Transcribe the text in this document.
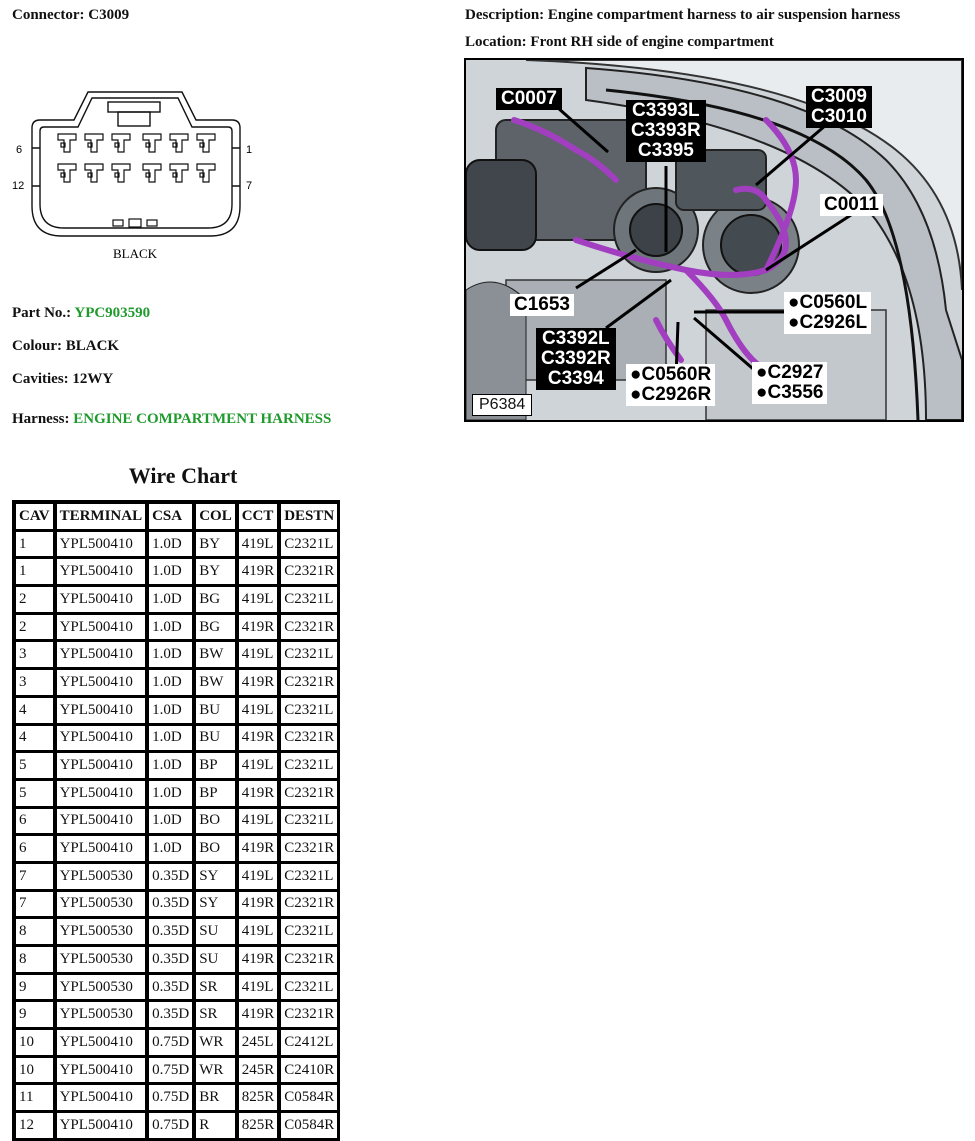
Connector: C3009	Description: Engine compartment harness to air suspension harness
Location: Front RH side of engine compartment
6	1
12	7
BLACK
Part No.: YPC903590
Colour: BLACK
Cavities: 12WY
Harness: ENGINE COMPARTMENT HARNESS
C0007
C3393L
C3393R
C3395
C3009
C3010
C0011
C1653	●C0560L
●C2926L
C3392L
C3392R
C3394	●C2927
●C3556
●C0560R
●C2926R
P6384
Wire Chart
CAV	TERMINAL	CSA	COL	CCT	DESTN
1	YPL500410	1.0D	BY	419L	C2321L
1	YPL500410	1.0D	BY	419R	C2321R
2	YPL500410	1.0D	BG	419L	C2321L
2	YPL500410	1.0D	BG	419R	C2321R
3	YPL500410	1.0D	BW	419L	C2321L
3	YPL500410	1.0D	BW	419R	C2321R
4	YPL500410	1.0D	BU	419L	C2321L
4	YPL500410	1.0D	BU	419R	C2321R
5	YPL500410	1.0D	BP	419L	C2321L
5	YPL500410	1.0D	BP	419R	C2321R
6	YPL500410	1.0D	BO	419L	C2321L
6	YPL500410	1.0D	BO	419R	C2321R
7	YPL500530	0.35D	SY	419L	C2321L
7	YPL500530	0.35D	SY	419R	C2321R
8	YPL500530	0.35D	SU	419L	C2321L
8	YPL500530	0.35D	SU	419R	C2321R
9	YPL500530	0.35D	SR	419L	C2321L
9	YPL500530	0.35D	SR	419R	C2321R
10	YPL500410	0.75D	WR	245L	C2412L
10	YPL500410	0.75D	WR	245R	C2410R
11	YPL500410	0.75D	BR	825R	C0584R
12	YPL500410	0.75D	R	825R	C0584R
